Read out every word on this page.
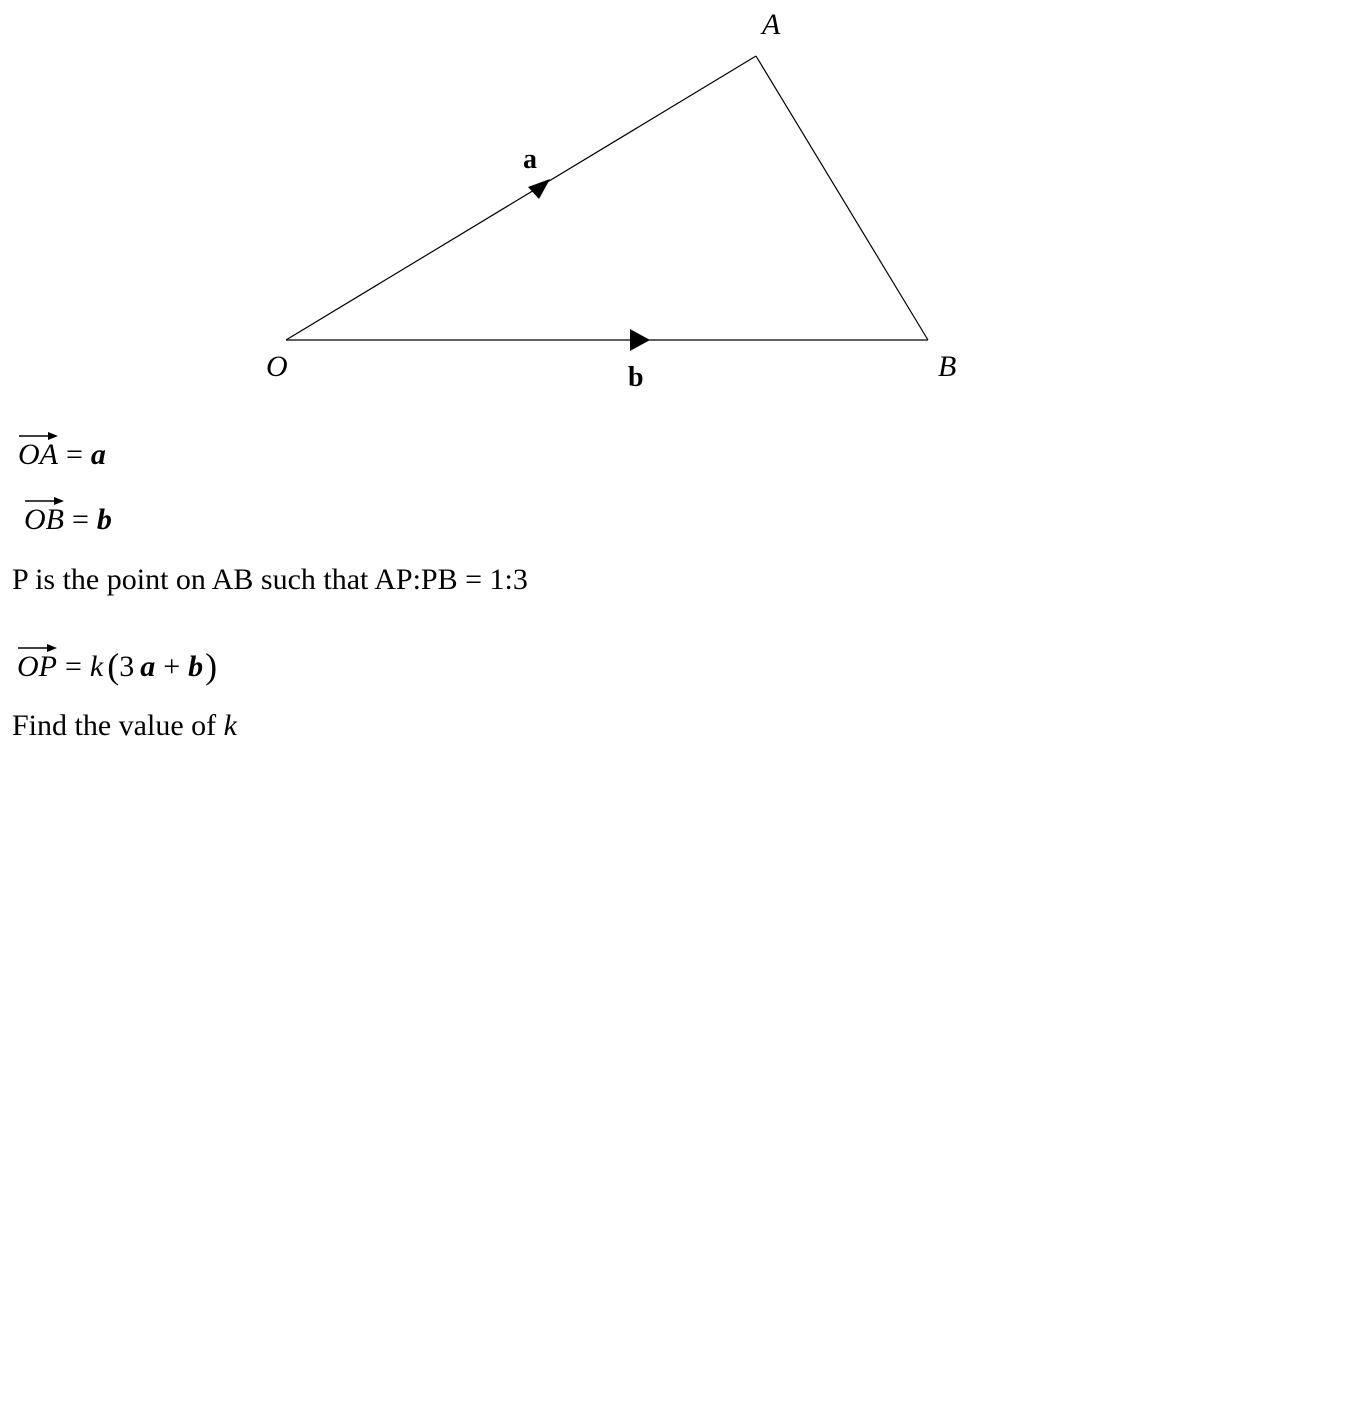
A
O	B
a
b
OA = a
OB = b
P is the point on AB such that AP:PB = 1:3
OP = k (3 a + b)
Find the value of k
